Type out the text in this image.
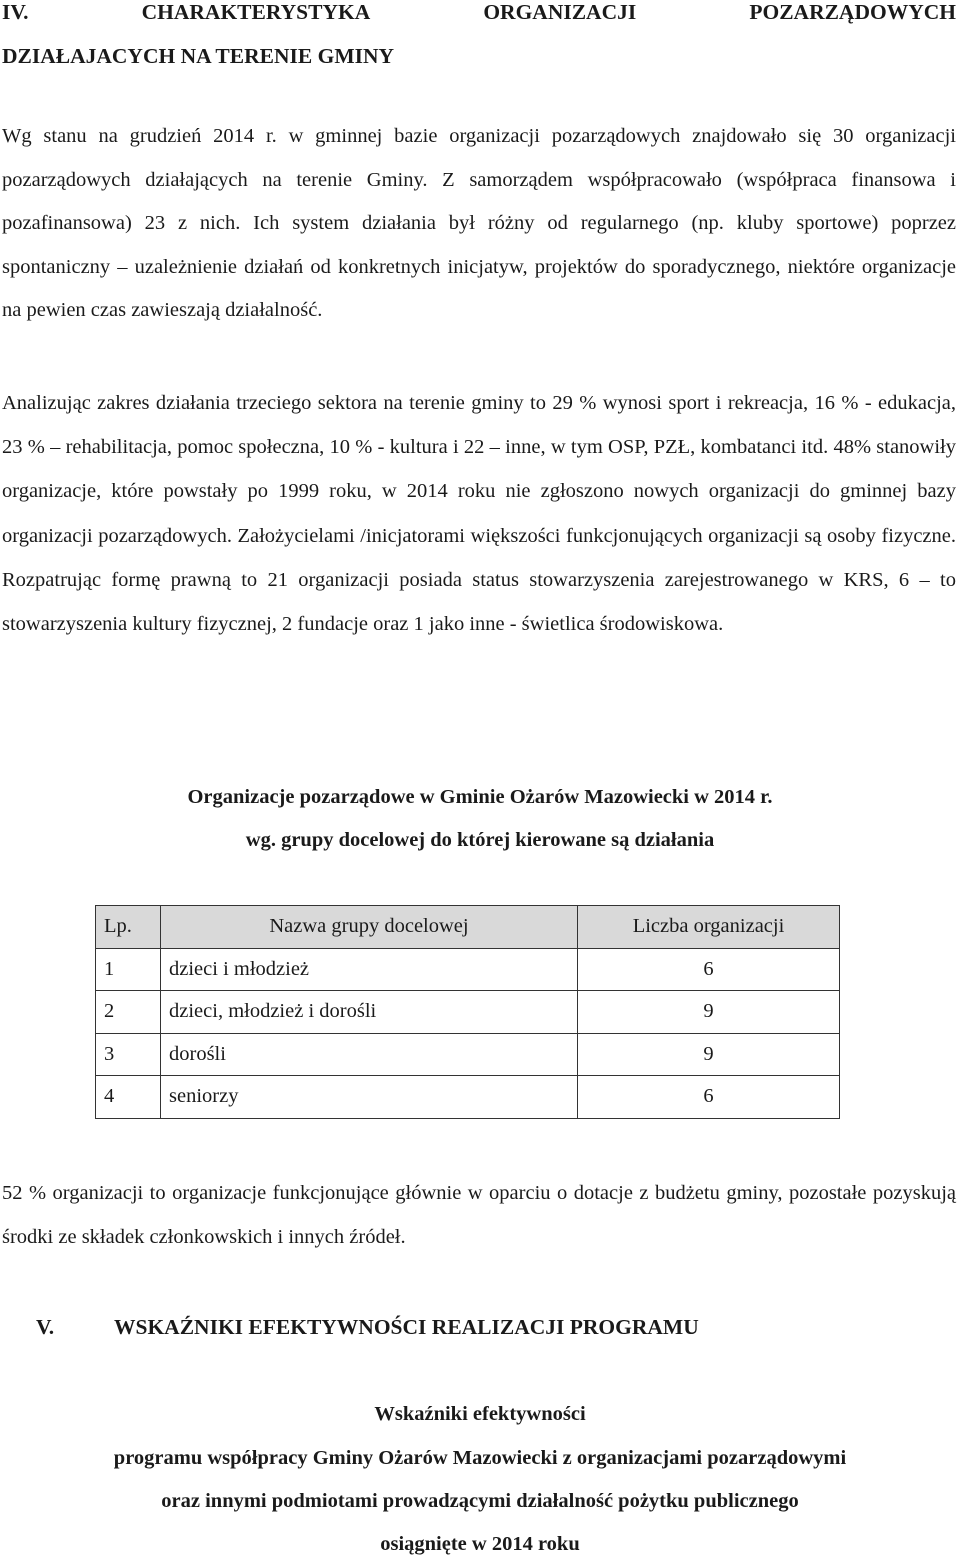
IV.	CHARAKTERYSTYKA	ORGANIZACJI	POZARZĄDOWYCH
DZIAŁAJACYCH NA TERENIE GMINY

Wg stanu na grudzień 2014 r. w gminnej bazie organizacji pozarządowych znajdowało się 30 organizacji pozarządowych działających na terenie Gminy. Z samorządem współpracowało (współpraca finansowa i pozafinansowa) 23 z nich. Ich system działania był różny od regularnego (np. kluby sportowe) poprzez spontaniczny – uzależnienie działań od konkretnych inicjatyw, projektów do sporadycznego, niektóre organizacje na pewien czas zawieszają działalność.

Analizując zakres działania trzeciego sektora na terenie gminy to 29 % wynosi sport i rekreacja, 16 % - edukacja, 23 % – rehabilitacja, pomoc społeczna, 10 % - kultura i 22 – inne, w tym OSP, PZŁ, kombatanci itd. 48% stanowiły organizacje, które powstały po 1999 roku, w 2014 roku nie zgłoszono nowych organizacji do gminnej bazy organizacji pozarządowych. Założycielami /inicjatorami większości funkcjonujących organizacji są osoby fizyczne. Rozpatrując formę prawną to 21 organizacji posiada status stowarzyszenia zarejestrowanego w KRS, 6 – to stowarzyszenia kultury fizycznej, 2 fundacje oraz 1 jako inne - świetlica środowiskowa.

Organizacje pozarządowe w Gminie Ożarów Mazowiecki w 2014 r.
wg. grupy docelowej do której kierowane są działania
Lp.	Nazwa grupy docelowej	Liczba organizacji
1	dzieci i młodzież	6
2	dzieci, młodzież i dorośli	9
3	dorośli	9
4	seniorzy	6

52 % organizacji to organizacje funkcjonujące głównie w oparciu o dotacje z budżetu gminy, pozostałe pozyskują środki ze składek członkowskich i innych źródeł.

V.	WSKAŹNIKI EFEKTYWNOŚCI REALIZACJI PROGRAMU
Wskaźniki efektywności
programu współpracy Gminy Ożarów Mazowiecki z organizacjami pozarządowymi
oraz innymi podmiotami prowadzącymi działalność pożytku publicznego
osiągnięte w 2014 roku
